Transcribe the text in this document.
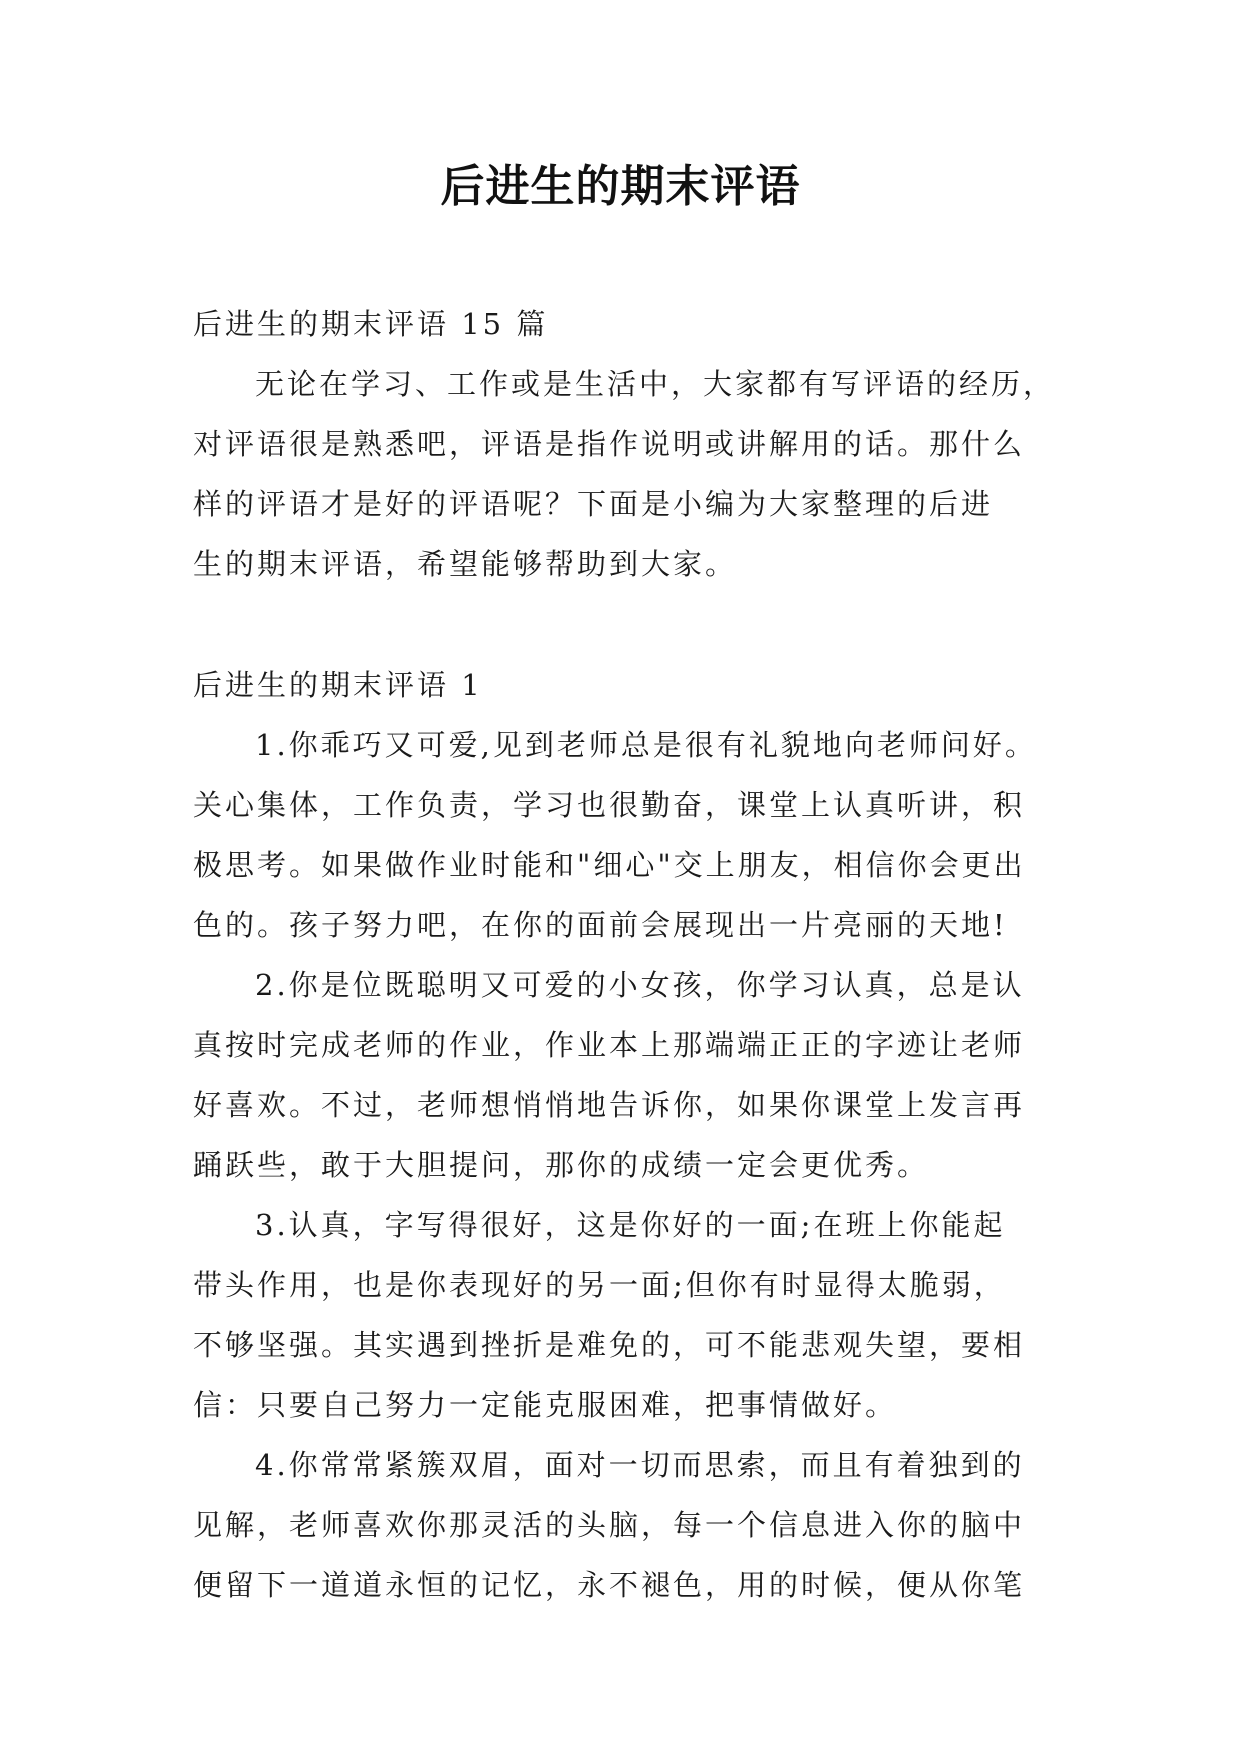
后进生的期末评语
后进生的期末评语 15 篇
无论在学习、工作或是生活中，大家都有写评语的经历，
对评语很是熟悉吧，评语是指作说明或讲解用的话。那什么
样的评语才是好的评语呢？下面是小编为大家整理的后进
生的期末评语，希望能够帮助到大家。
后进生的期末评语 1
1.你乖巧又可爱,见到老师总是很有礼貌地向老师问好。
关心集体，工作负责，学习也很勤奋，课堂上认真听讲，积
极思考。如果做作业时能和"细心"交上朋友，相信你会更出
色的。孩子努力吧，在你的面前会展现出一片亮丽的天地!
2.你是位既聪明又可爱的小女孩，你学习认真，总是认
真按时完成老师的作业，作业本上那端端正正的字迹让老师
好喜欢。不过，老师想悄悄地告诉你，如果你课堂上发言再
踊跃些，敢于大胆提问，那你的成绩一定会更优秀。
3.认真，字写得很好，这是你好的一面;在班上你能起
带头作用，也是你表现好的另一面;但你有时显得太脆弱，
不够坚强。其实遇到挫折是难免的，可不能悲观失望，要相
信：只要自己努力一定能克服困难，把事情做好。
4.你常常紧簇双眉，面对一切而思索，而且有着独到的
见解，老师喜欢你那灵活的头脑，每一个信息进入你的脑中
便留下一道道永恒的记忆，永不褪色，用的时候，便从你笔
